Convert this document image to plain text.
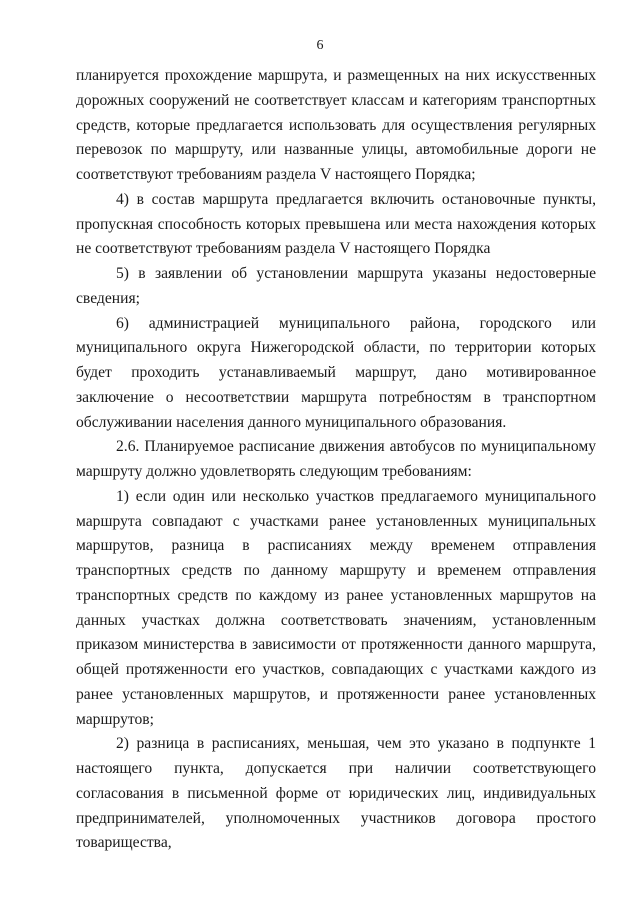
6

планируется прохождение маршрута, и размещенных на них искусственных дорожных сооружений не соответствует классам и категориям транспортных средств, которые предлагается использовать для осуществления регулярных перевозок по маршруту, или названные улицы, автомобильные дороги не соответствуют требованиям раздела V настоящего Порядка;

4) в состав маршрута предлагается включить остановочные пункты, пропускная способность которых превышена или места нахождения которых не соответствуют требованиям раздела V настоящего Порядка

5) в заявлении об установлении маршрута указаны недостоверные сведения;

6) администрацией муниципального района, городского или муниципального округа Нижегородской области, по территории которых будет проходить устанавливаемый маршрут, дано мотивированное заключение о несоответствии маршрута потребностям в транспортном обслуживании населения данного муниципального образования.

2.6. Планируемое расписание движения автобусов по муниципальному маршруту должно удовлетворять следующим требованиям:

1) если один или несколько участков предлагаемого муниципального маршрута совпадают с участками ранее установленных муниципальных маршрутов, разница в расписаниях между временем отправления транспортных средств по данному маршруту и временем отправления транспортных средств по каждому из ранее установленных маршрутов на данных участках должна соответствовать значениям, установленным приказом министерства в зависимости от протяженности данного маршрута, общей протяженности его участков, совпадающих с участками каждого из ранее установленных маршрутов, и протяженности ранее установленных маршрутов;

2) разница в расписаниях, меньшая, чем это указано в подпункте 1 настоящего пункта, допускается при наличии соответствующего согласования в письменной форме от юридических лиц, индивидуальных предпринимателей, уполномоченных участников договора простого товарищества,
